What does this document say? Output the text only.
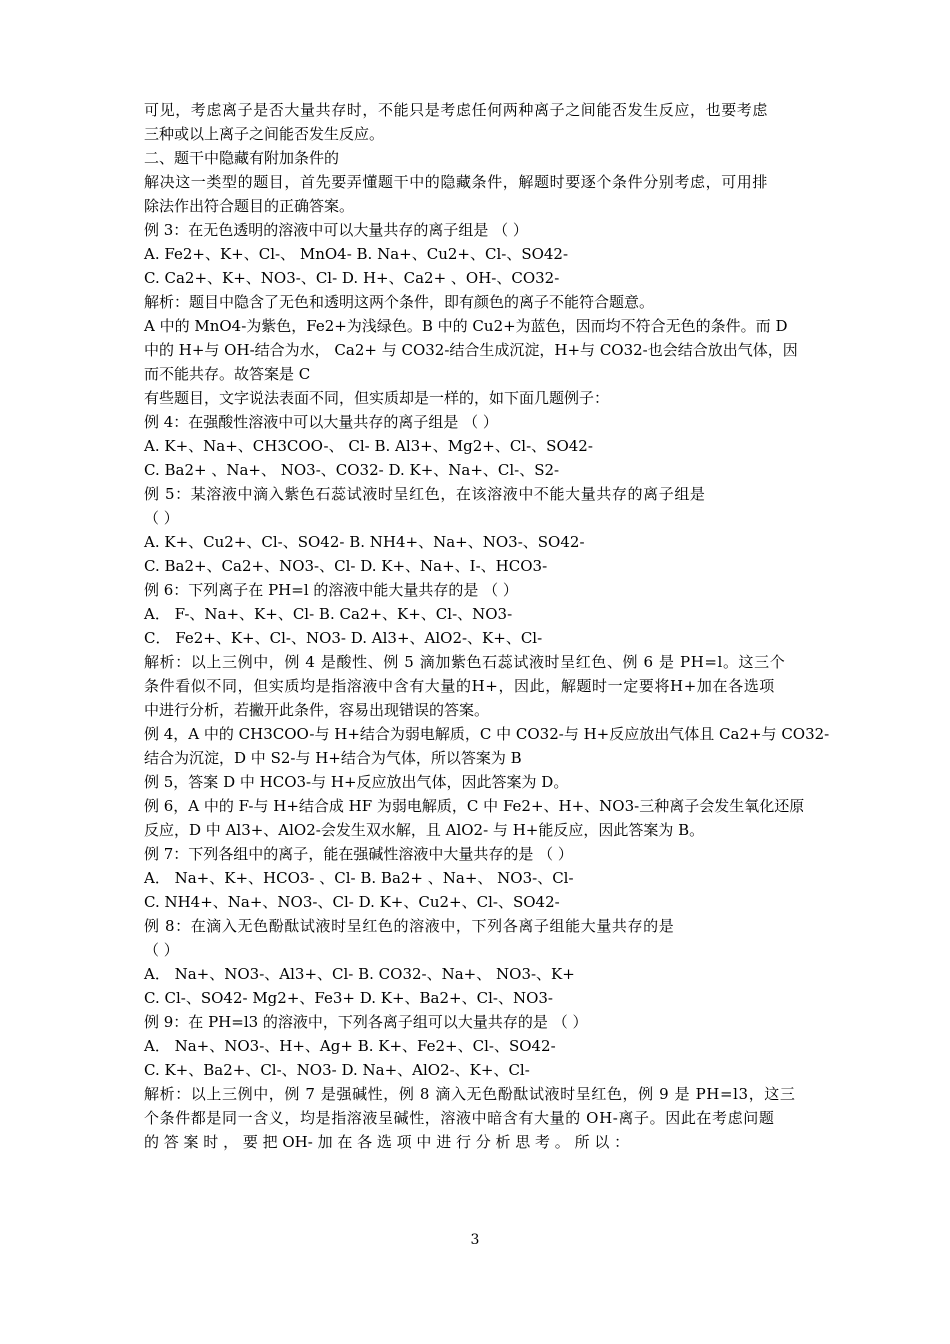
可见，考虑离子是否大量共存时，不能只是考虑任何两种离子之间能否发生反应，也要考虑
三种或以上离子之间能否发生反应。
二、题干中隐藏有附加条件的
解决这一类型的题目，首先要弄懂题干中的隐藏条件，解题时要逐个条件分别考虑，可用排
除法作出符合题目的正确答案。
例 3：在无色透明的溶液中可以大量共存的离子组是 （ ）
A. Fe2+、K+、Cl-、 MnO4- B. Na+、Cu2+、Cl-、SO42-
C. Ca2+、K+、NO3-、Cl- D. H+、Ca2+ 、OH-、CO32-
解析：题目中隐含了无色和透明这两个条件，即有颜色的离子不能符合题意。
A 中的 MnO4-为紫色，Fe2+为浅绿色。B 中的 Cu2+为蓝色，因而均不符合无色的条件。而 D
中的 H+与 OH-结合为水， Ca2+ 与 CO32-结合生成沉淀，H+与 CO32-也会结合放出气体，因
而不能共存。故答案是 C
有些题目，文字说法表面不同，但实质却是一样的，如下面几题例子：
例 4：在强酸性溶液中可以大量共存的离子组是 （ ）
A. K+、Na+、CH3COO-、 Cl- B. Al3+、Mg2+、Cl-、SO42-
C. Ba2+ 、Na+、 NO3-、CO32- D. K+、Na+、Cl-、S2-
例 5：某溶液中滴入紫色石蕊试液时呈红色，在该溶液中不能大量共存的离子组是
（ ）
A. K+、Cu2+、Cl-、SO42- B. NH4+、Na+、NO3-、SO42-
C. Ba2+、Ca2+、NO3-、Cl- D. K+、Na+、I-、HCO3-
例 6：下列离子在 PH=l 的溶液中能大量共存的是 （ ）
A． F-、Na+、K+、Cl- B. Ca2+、K+、Cl-、NO3-
C． Fe2+、K+、Cl-、NO3- D. Al3+、AlO2-、K+、Cl-
解析：以上三例中，例 4 是酸性、例 5 滴加紫色石蕊试液时呈红色、例 6 是 PH=l。这三个
条件看似不同，但实质均是指溶液中含有大量的H+，因此，解题时一定要将H+加在各选项
中进行分析，若撇开此条件，容易出现错误的答案。
例 4，A 中的 CH3COO-与 H+结合为弱电解质，C 中 CO32-与 H+反应放出气体且 Ca2+与 CO32-
结合为沉淀，D 中 S2-与 H+结合为气体，所以答案为 B
例 5，答案 D 中 HCO3-与 H+反应放出气体，因此答案为 D。
例 6，A 中的 F-与 H+结合成 HF 为弱电解质，C 中 Fe2+、H+、NO3-三种离子会发生氧化还原
反应，D 中 Al3+、AlO2-会发生双水解，且 AlO2- 与 H+能反应，因此答案为 B。
例 7：下列各组中的离子，能在强碱性溶液中大量共存的是 （ ）
A． Na+、K+、HCO3- 、Cl- B. Ba2+ 、Na+、 NO3-、Cl-
C. NH4+、Na+、NO3-、Cl- D. K+、Cu2+、Cl-、SO42-
例 8：在滴入无色酚酞试液时呈红色的溶液中，下列各离子组能大量共存的是
（ ）
A． Na+、NO3-、Al3+、Cl- B. CO32-、Na+、 NO3-、K+
C. Cl-、SO42- Mg2+、Fe3+ D. K+、Ba2+、Cl-、NO3-
例 9：在 PH=l3 的溶液中，下列各离子组可以大量共存的是 （ ）
A． Na+、NO3-、H+、Ag+ B. K+、Fe2+、Cl-、SO42-
C. K+、Ba2+、Cl-、NO3- D. Na+、AlO2-、K+、Cl-
解析：以上三例中，例 7 是强碱性，例 8 滴入无色酚酞试液时呈红色，例 9 是 PH=l3，这三
个条件都是同一含义，均是指溶液呈碱性，溶液中暗含有大量的 OH-离子。因此在考虑问题
的 答 案 时 ， 要 把 OH- 加 在 各 选 项 中 进 行 分 析 思 考 。 所 以 ：
3
